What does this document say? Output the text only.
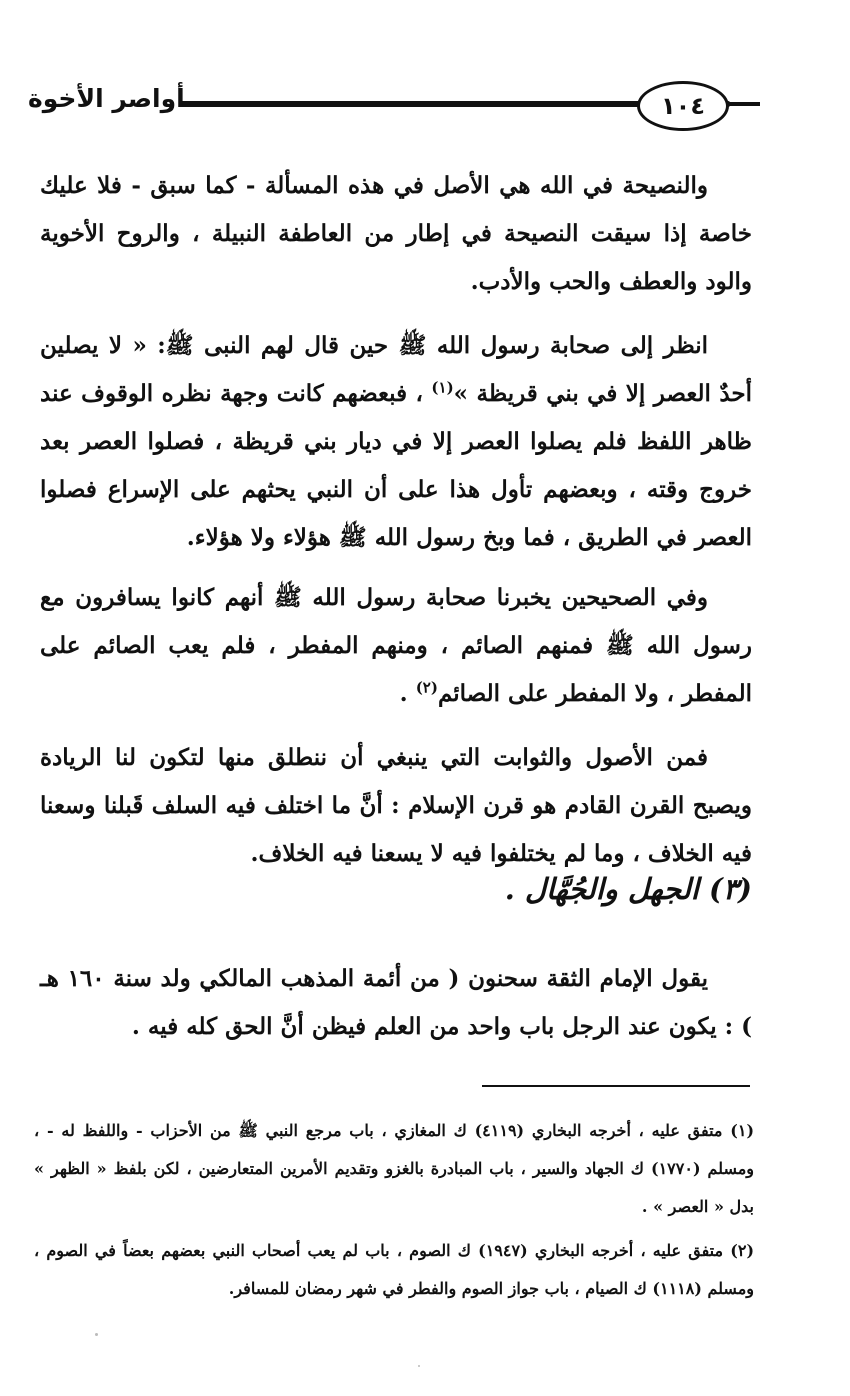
١٠٤
أواصر الأخوة

والنصيحة في الله هي الأصل في هذه المسألة - كما سبق - فلا عليك خاصة إذا سيقت النصيحة في إطار من العاطفة النبيلة ، والروح الأخوية والود والعطف والحب والأدب.

انظر إلى صحابة رسول الله ﷺ حين قال لهم النبى ﷺ: « لا يصلين أحدٌ العصر إلا في بني قريظة »$^{(١)}$ ، فبعضهم كانت وجهة نظره الوقوف عند ظاهر اللفظ فلم يصلوا العصر إلا في ديار بني قريظة ، فصلوا العصر بعد خروج وقته ، وبعضهم تأول هذا على أن النبي يحثهم على الإسراع فصلوا العصر في الطريق ، فما وبخ رسول الله ﷺ هؤلاء ولا هؤلاء.

وفي الصحيحين يخبرنا صحابة رسول الله ﷺ أنهم كانوا يسافرون مع رسول الله ﷺ فمنهم الصائم ، ومنهم المفطر ، فلم يعب الصائم على المفطر ، ولا المفطر على الصائم$^{(٢)}$ .

فمن الأصول والثوابت التي ينبغي أن ننطلق منها لتكون لنا الريادة ويصبح القرن القادم هو قرن الإسلام : أنَّ ما اختلف فيه السلف قَبلنا وسعنا فيه الخلاف ، وما لم يختلفوا فيه لا يسعنا فيه الخلاف.

(٣) الجهل والجُهَّال .

يقول الإمام الثقة سحنون ( من أئمة المذهب المالكي ولد سنة ١٦٠ هـ ) : يكون عند الرجل باب واحد من العلم فيظن أنَّ الحق كله فيه .

(١) متفق عليه ، أخرجه البخاري (٤١١٩) ك المغازي ، باب مرجع النبي ﷺ من الأحزاب - واللفظ له - ، ومسلم (١٧٧٠) ك الجهاد والسير ، باب المبادرة بالغزو وتقديم الأمرين المتعارضين ، لكن بلفظ « الظهر » بدل « العصر » .

(٢) متفق عليه ، أخرجه البخاري (١٩٤٧) ك الصوم ، باب لم يعب أصحاب النبي بعضهم بعضاً في الصوم ، ومسلم (١١١٨) ك الصيام ، باب جواز الصوم والفطر في شهر رمضان للمسافر.
